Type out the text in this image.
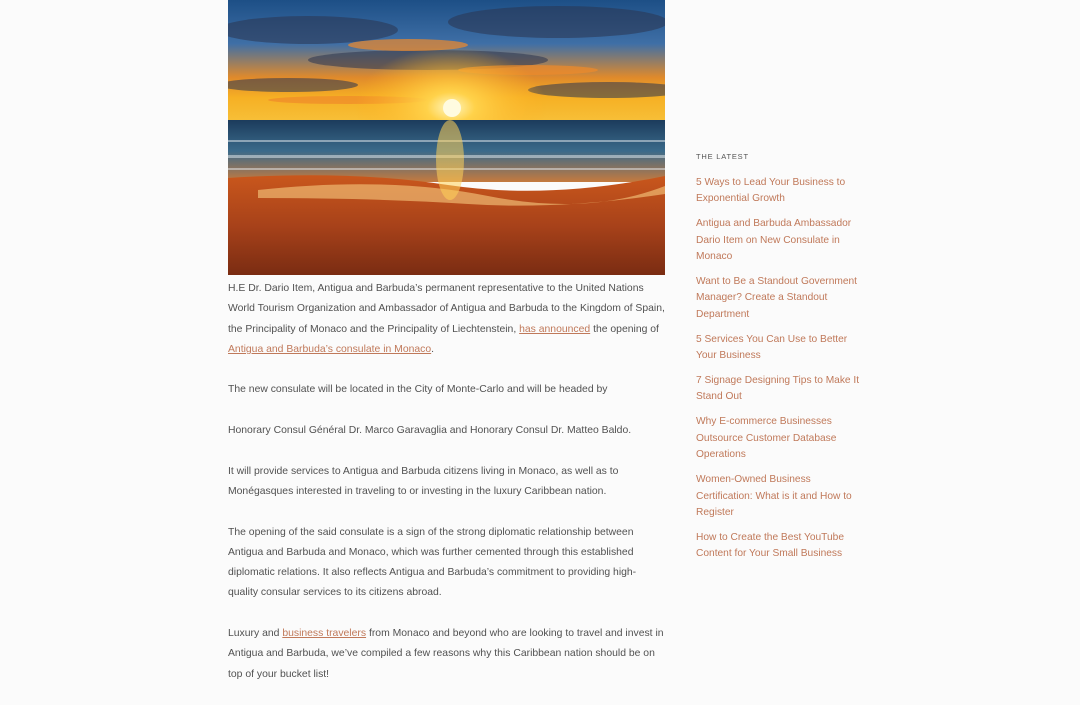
H.E Dr. Dario Item, Antigua and Barbuda’s permanent representative to the United Nations World Tourism Organization and Ambassador of Antigua and Barbuda to the Kingdom of Spain, the Principality of Monaco and the Principality of Liechtenstein, has announced the opening of Antigua and Barbuda’s consulate in Monaco.

The new consulate will be located in the City of Monte-Carlo and will be headed by

Honorary Consul Général Dr. Marco Garavaglia and Honorary Consul Dr. Matteo Baldo.

It will provide services to Antigua and Barbuda citizens living in Monaco, as well as to Monégasques interested in traveling to or investing in the luxury Caribbean nation.

The opening of the said consulate is a sign of the strong diplomatic relationship between Antigua and Barbuda and Monaco, which was further cemented through this established diplomatic relations. It also reflects Antigua and Barbuda’s commitment to providing high-quality consular services to its citizens abroad.

Luxury and business travelers from Monaco and beyond who are looking to travel and invest in Antigua and Barbuda, we’ve compiled a few reasons why this Caribbean nation should be on top of your bucket list!

THE LATEST
5 Ways to Lead Your Business to Exponential Growth
Antigua and Barbuda Ambassador Dario Item on New Consulate in Monaco
Want to Be a Standout Government Manager? Create a Standout Department
5 Services You Can Use to Better Your Business
7 Signage Designing Tips to Make It Stand Out
Why E-commerce Businesses Outsource Customer Database Operations
Women-Owned Business Certification: What is it and How to Register
How to Create the Best YouTube Content for Your Small Business
